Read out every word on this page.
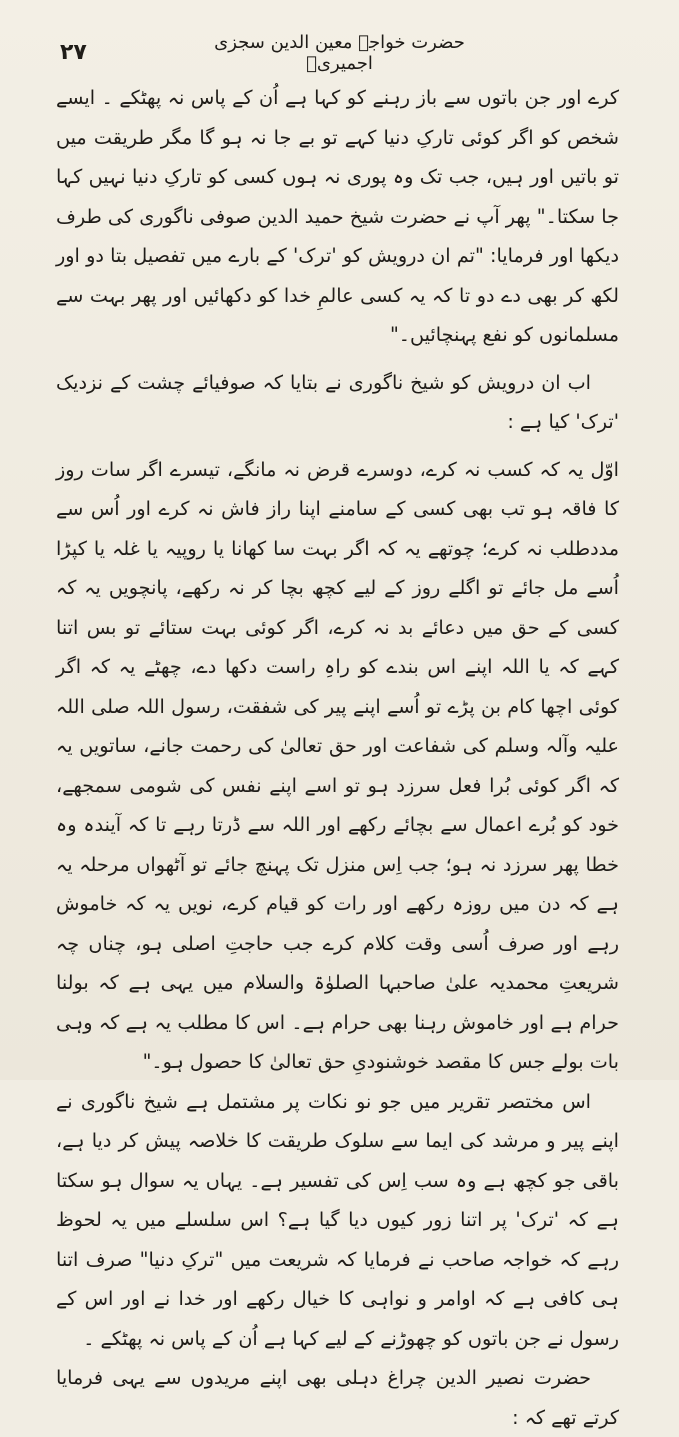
۲۷	حضرت خواجہ معین الدین سجزی اجمیریؒ

کرے اور جن باتوں سے باز رہنے کو کہا ہے اُن کے پاس نہ پھٹکے ۔ ایسے شخص کو اگر کوئی تارکِ دنیا کہے تو بے جا نہ ہو گا مگر طریقت میں تو باتیں اور ہیں، جب تک وہ پوری نہ ہوں کسی کو تارکِ دنیا نہیں کہا جا سکتا۔" پھر آپ نے حضرت شیخ حمید الدین صوفی ناگوری کی طرف دیکھا اور فرمایا: "تم ان درویش کو 'ترک' کے بارے میں تفصیل بتا دو اور لکھ کر بھی دے دو تا کہ یہ کسی عالمِ خدا کو دکھائیں اور پھر بہت سے مسلمانوں کو نفع پہنچائیں۔"

اب ان درویش کو شیخ ناگوری نے بتایا کہ صوفیائے چشت کے نزدیک 'ترک' کیا ہے :

اوّل یہ کہ کسب نہ کرے، دوسرے قرض نہ مانگے، تیسرے اگر سات روز کا فاقہ ہو تب بھی کسی کے سامنے اپنا راز فاش نہ کرے اور اُس سے مددطلب نہ کرے؛ چوتھے یہ کہ اگر بہت سا کھانا یا روپیہ یا غلہ یا کپڑا اُسے مل جائے تو اگلے روز کے لیے کچھ بچا کر نہ رکھے، پانچویں یہ کہ کسی کے حق میں دعائے بد نہ کرے، اگر کوئی بہت ستائے تو بس اتنا کہے کہ یا اللہ اپنے اس بندے کو راہِ راست دکھا دے، چھٹے یہ کہ اگر کوئی اچھا کام بن پڑے تو اُسے اپنے پیر کی شفقت، رسول اللہ صلی اللہ علیہ وآلہ وسلم کی شفاعت اور حق تعالیٰ کی رحمت جانے، ساتویں یہ کہ اگر کوئی بُرا فعل سرزد ہو تو اسے اپنے نفس کی شومی سمجھے، خود کو بُرے اعمال سے بچائے رکھے اور اللہ سے ڈرتا رہے تا کہ آیندہ وہ خطا پھر سرزد نہ ہو؛ جب اِس منزل تک پہنچ جائے تو آٹھواں مرحلہ یہ ہے کہ دن میں روزہ رکھے اور رات کو قیام کرے، نویں یہ کہ خاموش رہے اور صرف اُسی وقت کلام کرے جب حاجتِ اصلی ہو، چناں چہ شریعتِ محمدیہ علیٰ صاحبہا الصلوٰۃ والسلام میں یہی ہے کہ بولنا حرام ہے اور خاموش رہنا بھی حرام ہے۔ اس کا مطلب یہ ہے کہ وہی بات بولے جس کا مقصد خوشنودیِ حق تعالیٰ کا حصول ہو۔"

اس مختصر تقریر میں جو نو نکات پر مشتمل ہے شیخ ناگوری نے اپنے پیر و مرشد کی ایما سے سلوک طریقت کا خلاصہ پیش کر دیا ہے، باقی جو کچھ ہے وہ سب اِس کی تفسیر ہے۔ یہاں یہ سوال ہو سکتا ہے کہ 'ترک' پر اتنا زور کیوں دیا گیا ہے؟ اس سلسلے میں یہ لحوظ رہے کہ خواجہ صاحب نے فرمایا کہ شریعت میں "ترکِ دنیا" صرف اتنا ہی کافی ہے کہ اوامر و نواہی کا خیال رکھے اور خدا نے اور اس کے رسول نے جن باتوں کو چھوڑنے کے لیے کہا ہے اُن کے پاس نہ پھٹکے ۔

حضرت نصیر الدین چراغ دہلی بھی اپنے مریدوں سے یہی فرمایا کرتے تھے کہ :
